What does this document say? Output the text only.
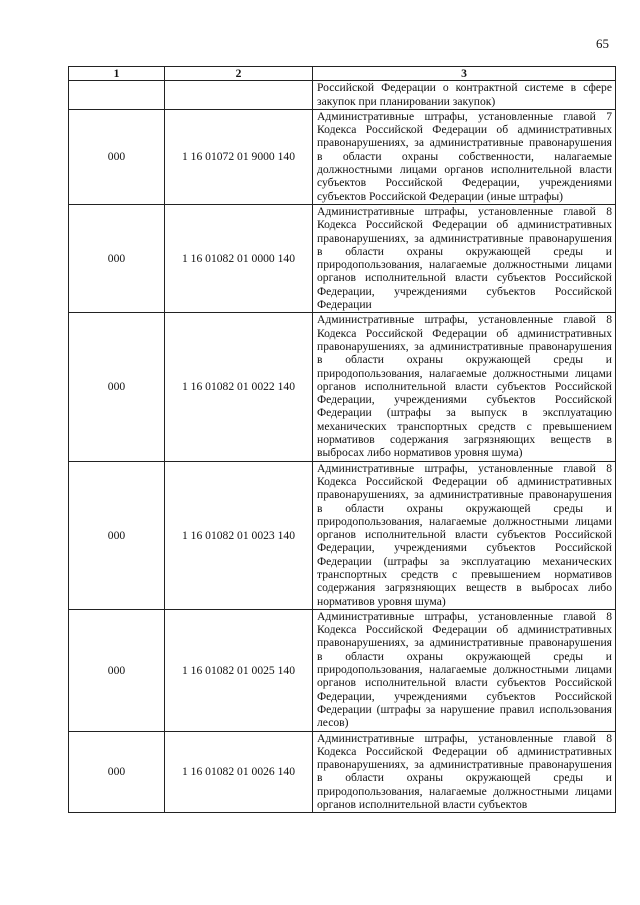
65
1	2	3
		Российской Федерации о контрактной системе в сфере закупок при планировании закупок)
000	1 16 01072 01 9000 140	Административные штрафы, установленные главой 7 Кодекса Российской Федерации об административных правонарушениях, за административные правонарушения в области охраны собственности, налагаемые должностными лицами органов исполнительной власти субъектов Российской Федерации, учреждениями субъектов Российской Федерации (иные штрафы)
000	1 16 01082 01 0000 140	Административные штрафы, установленные главой 8 Кодекса Российской Федерации об административных правонарушениях, за административные правонарушения в области охраны окружающей среды и природопользования, налагаемые должностными лицами органов исполнительной власти субъектов Российской Федерации, учреждениями субъектов Российской Федерации
000	1 16 01082 01 0022 140	Административные штрафы, установленные главой 8 Кодекса Российской Федерации об административных правонарушениях, за административные правонарушения в области охраны окружающей среды и природопользования, налагаемые должностными лицами органов исполнительной власти субъектов Российской Федерации, учреждениями субъектов Российской Федерации (штрафы за выпуск в эксплуатацию механических транспортных средств с превышением нормативов содержания загрязняющих веществ в выбросах либо нормативов уровня шума)
000	1 16 01082 01 0023 140	Административные штрафы, установленные главой 8 Кодекса Российской Федерации об административных правонарушениях, за административные правонарушения в области охраны окружающей среды и природопользования, налагаемые должностными лицами органов исполнительной власти субъектов Российской Федерации, учреждениями субъектов Российской Федерации (штрафы за эксплуатацию механических транспортных средств с превышением нормативов содержания загрязняющих веществ в выбросах либо нормативов уровня шума)
000	1 16 01082 01 0025 140	Административные штрафы, установленные главой 8 Кодекса Российской Федерации об административных правонарушениях, за административные правонарушения в области охраны окружающей среды и природопользования, налагаемые должностными лицами органов исполнительной власти субъектов Российской Федерации, учреждениями субъектов Российской Федерации (штрафы за нарушение правил использования лесов)
000	1 16 01082 01 0026 140	Административные штрафы, установленные главой 8 Кодекса Российской Федерации об административных правонарушениях, за административные правонарушения в области охраны окружающей среды и природопользования, налагаемые должностными лицами органов исполнительной власти субъектов
